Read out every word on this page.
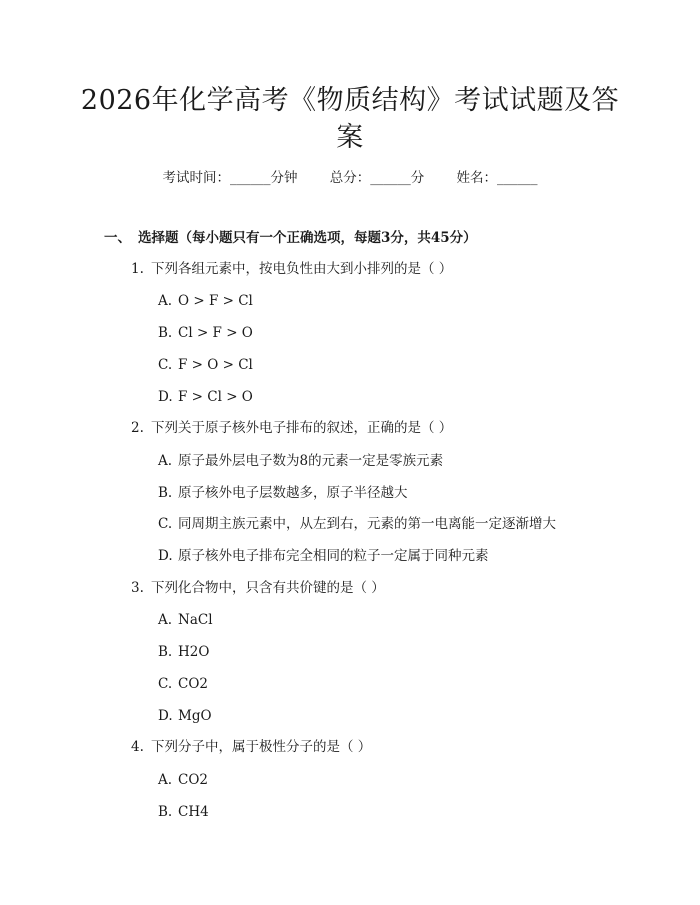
2026年化学高考《物质结构》考试试题及答案
考试时间：______分钟 总分：______分 姓名：______
一、 选择题（每小题只有一个正确选项，每题3分，共45分）
1. 下列各组元素中，按电负性由大到小排列的是（ ）
A. O > F > Cl
B. Cl > F > O
C. F > O > Cl
D. F > Cl > O
2. 下列关于原子核外电子排布的叙述，正确的是（ ）
A. 原子最外层电子数为8的元素一定是零族元素
B. 原子核外电子层数越多，原子半径越大
C. 同周期主族元素中，从左到右，元素的第一电离能一定逐渐增大
D. 原子核外电子排布完全相同的粒子一定属于同种元素
3. 下列化合物中，只含有共价键的是（ ）
A. NaCl
B. H2O
C. CO2
D. MgO
4. 下列分子中，属于极性分子的是（ ）
A. CO2
B. CH4
